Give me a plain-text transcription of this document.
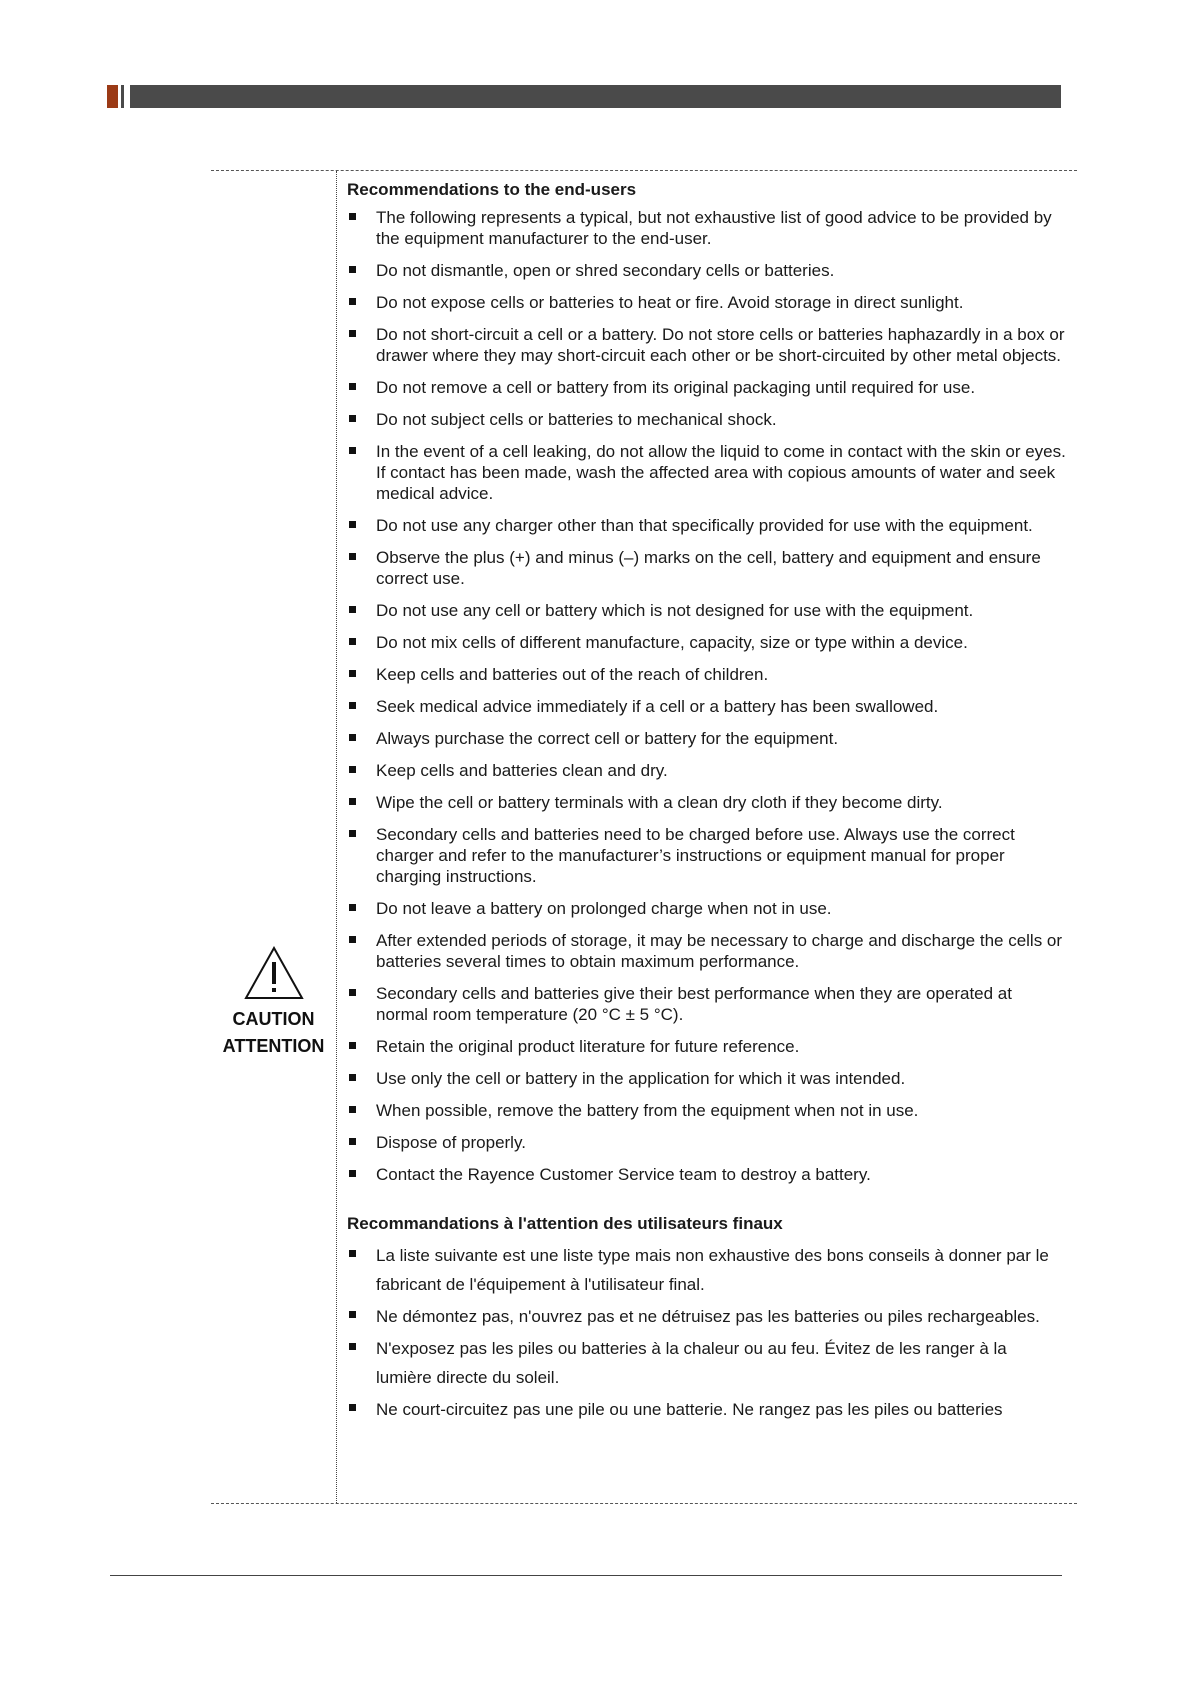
CAUTION
ATTENTION
Recommendations to the end-users
The following represents a typical, but not exhaustive list of good advice to be provided by the equipment manufacturer to the end-user.
Do not dismantle, open or shred secondary cells or batteries.
Do not expose cells or batteries to heat or fire. Avoid storage in direct sunlight.
Do not short-circuit a cell or a battery. Do not store cells or batteries haphazardly in a box or drawer where they may short-circuit each other or be short-circuited by other metal objects.
Do not remove a cell or battery from its original packaging until required for use.
Do not subject cells or batteries to mechanical shock.
In the event of a cell leaking, do not allow the liquid to come in contact with the skin or eyes. If contact has been made, wash the affected area with copious amounts of water and seek medical advice.
Do not use any charger other than that specifically provided for use with the equipment.
Observe the plus (+) and minus (–) marks on the cell, battery and equipment and ensure correct use.
Do not use any cell or battery which is not designed for use with the equipment.
Do not mix cells of different manufacture, capacity, size or type within a device.
Keep cells and batteries out of the reach of children.
Seek medical advice immediately if a cell or a battery has been swallowed.
Always purchase the correct cell or battery for the equipment.
Keep cells and batteries clean and dry.
Wipe the cell or battery terminals with a clean dry cloth if they become dirty.
Secondary cells and batteries need to be charged before use. Always use the correct charger and refer to the manufacturer’s instructions or equipment manual for proper charging instructions.
Do not leave a battery on prolonged charge when not in use.
After extended periods of storage, it may be necessary to charge and discharge the cells or batteries several times to obtain maximum performance.
Secondary cells and batteries give their best performance when they are operated at normal room temperature (20 °C ± 5 °C).
Retain the original product literature for future reference.
Use only the cell or battery in the application for which it was intended.
When possible, remove the battery from the equipment when not in use.
Dispose of properly.
Contact the Rayence Customer Service team to destroy a battery.
Recommandations à l'attention des utilisateurs finaux
La liste suivante est une liste type mais non exhaustive des bons conseils à donner par le fabricant de l'équipement à l'utilisateur final.
Ne démontez pas, n'ouvrez pas et ne détruisez pas les batteries ou piles rechargeables.
N'exposez pas les piles ou batteries à la chaleur ou au feu. Évitez de les ranger à la lumière directe du soleil.
Ne court-circuitez pas une pile ou une batterie. Ne rangez pas les piles ou batteries
